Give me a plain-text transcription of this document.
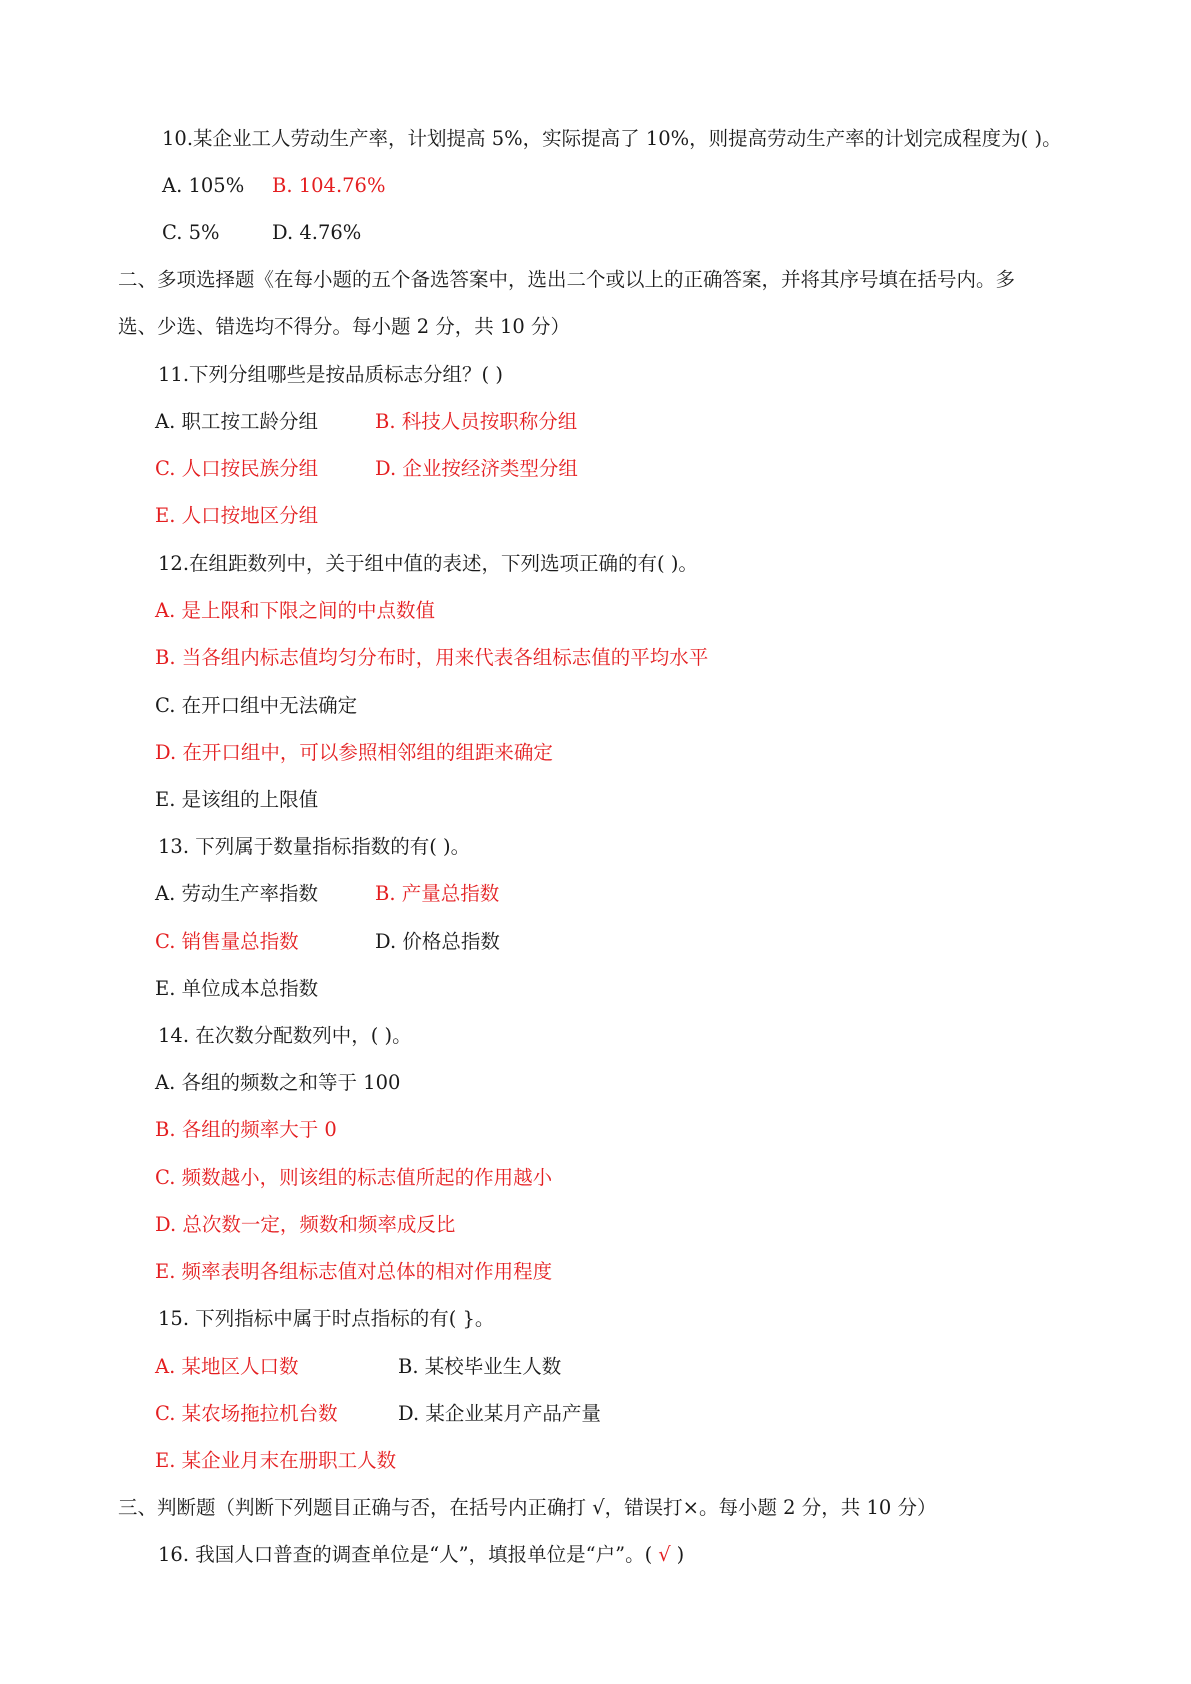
10.某企业工人劳动生产率，计划提高 5%，实际提高了 10%，则提高劳动生产率的计划完成程度为( )。
A. 105% B. 104.76%
C. 5%	D. 4.76%
二、多项选择题《在每小题的五个备选答案中，选出二个或以上的正确答案，并将其序号填在括号内。多
选、少选、错选均不得分。每小题 2 分，共 10 分）
11.下列分组哪些是按品质标志分组？( )
A. 职工按工龄分组	B. 科技人员按职称分组
C. 人口按民族分组	D. 企业按经济类型分组
E. 人口按地区分组
12.在组距数列中，关于组中值的表述，下列选项正确的有( )。
A. 是上限和下限之间的中点数值
B. 当各组内标志值均匀分布时，用来代表各组标志值的平均水平
C. 在开口组中无法确定
D. 在开口组中，可以参照相邻组的组距来确定
E. 是该组的上限值
13. 下列属于数量指标指数的有( )。
A. 劳动生产率指数	B. 产量总指数
C. 销售量总指数	D. 价格总指数
E. 单位成本总指数
14. 在次数分配数列中，( )。
A. 各组的频数之和等于 100
B. 各组的频率大于 0
C. 频数越小，则该组的标志值所起的作用越小
D. 总次数一定，频数和频率成反比
E. 频率表明各组标志值对总体的相对作用程度
15. 下列指标中属于时点指标的有( }。
A. 某地区人口数	B. 某校毕业生人数
C. 某农场拖拉机台数	D. 某企业某月产品产量
E. 某企业月末在册职工人数
三、判断题（判断下列题目正确与否，在括号内正确打 √，错误打×。每小题 2 分，共 10 分）
16. 我国人口普查的调查单位是“人”，填报单位是“户”。( √ )
